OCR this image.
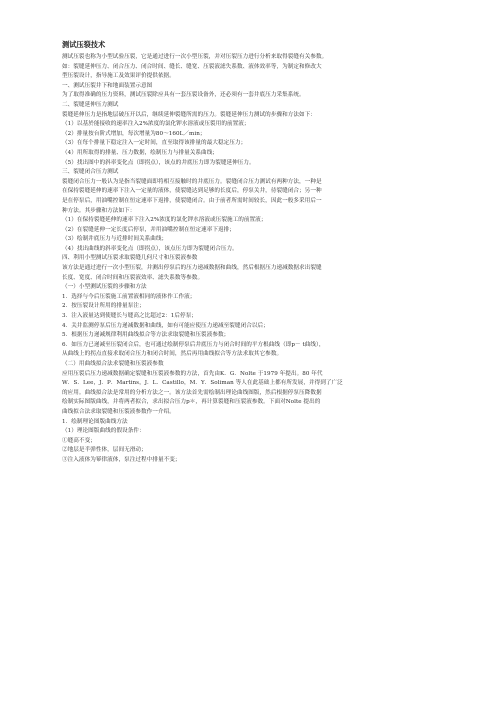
测试压裂技术
测试压裂也称为小型试验压裂，它是通过进行一次小型压裂，并对压裂压力进行分析来取得裂缝有关参数。
如：裂缝延伸压力、闭合压力、闭合时间、缝长、缝宽、压裂液滤失系数、液体效率等，为制定和修改大
型压裂设计，指导施工及效果评价提供依据。
一、测试压裂井下和地面装置示意图
为了取得准确的压力资料，测试压裂除应具有一套压裂设备外，还必须有一套井底压力采集系统。
二、裂缝延伸压力测试
裂缝延伸压力是指地层破压开以后，继续延伸裂缝所需的压力。裂缝延伸压力测试的步骤和方法如下：
（1）以基於能接收的速率注入2%浓度的氯化钾水溶液或压裂用的前置液；
（2）排量按台阶式增加，每次增量为80～160L／min；
（3）在每个排量下稳定注入一定时间，直至取得该排量的最大稳定压力；
（4）用所取得的排量、压力数据，绘制压力与排量关系曲线；
（5）找出图中的斜率变化点（即拐点），该点的井底压力即为裂缝延伸压力。
三、裂缝闭合压力测试
裂缝闭合压力一般认为是指当裂缝面即将相互接触时的井底压力。裂缝闭合压力测试有两种方法，一种是
在保持裂缝延伸的速率下注入一定量的液体，使裂缝达到足够的长度后，停泵关井，待裂缝闭合；另一种
是在停泵后，用油嘴控制在恒定速率下返排，使裂缝闭合。由于前者所需时间较长，因此一般多采用后一
种方法。其步骤和方法如下：
（1）在保持裂缝延伸的速率下注入2%浓度的氯化钾水溶液或压裂施工的前置液；
（2）在裂缝延伸一定长度后停泵，并用油嘴控制在恒定速率下返排；
（3）绘制井底压力与近排时间关系曲线；
（4）找出曲线的斜率变化点（即拐点），该点压力即为裂缝闭合压力。
四、利用小型测试压裂求取裂缝几何尺寸和压裂液参数
该方法是通过进行一次小型压裂，并测出停泵后的压力递减数据和曲线，然后根据压力递减数据求出裂缝
长度、宽度、闭合时间和压裂液效率、滤失系数等参数。
（一）小型测试压裂的步骤和方法
1．选择与今后压裂施工前置液相同的液体作工作液；
2．按压裂设计所用的排量泵注；
3．注入液量达到使缝长与缝高之比超过2：1后停泵；
4．关井监测停泵后压力递减数据和曲线，如有可能应使压力递减至裂缝闭合以后；
5．根据压力递减规律利用曲线拟合等方法求取裂缝和压裂液参数；
6．如压力已递减至压裂闭合后，也可通过绘制停泵后井底压力与闭合时间的平方根曲线（即p－ t曲线），
从曲线上的拐点直接求取闭合压力和闭合时间，然后再用曲线拟合等方法求取其它参数。
（二）用曲线拟合法求裂缝和压裂液参数
应用压裂后压力递减数据确定裂缝和压裂液参数的方法，首先由K．G．Nolte 于1979 年提出。80 年代
W．S．Lee，J．P．Martins，J．L．Castillo，M．Y．Soliman 等人在此基础上都有所发展，并得到了广泛
的应用。曲线拟合法是常用的分析方法之一。该方法首先需绘制出理论曲线图版，然后根据停泵压降数据
绘制实际图版曲线，并将两者拟合，求出拟合压力p＊，再计算裂缝和压裂液参数。下面对Nolte 提出的
曲线拟合法求取裂缝和压裂液参数作一介绍。
1．绘制理论图版曲线方法
（1）理论图版曲线的假设条件：
①缝高不变；
②地层是半弹性体，层间无滑动；
③注入液体为幂律液体，泵注过程中排量不变；
